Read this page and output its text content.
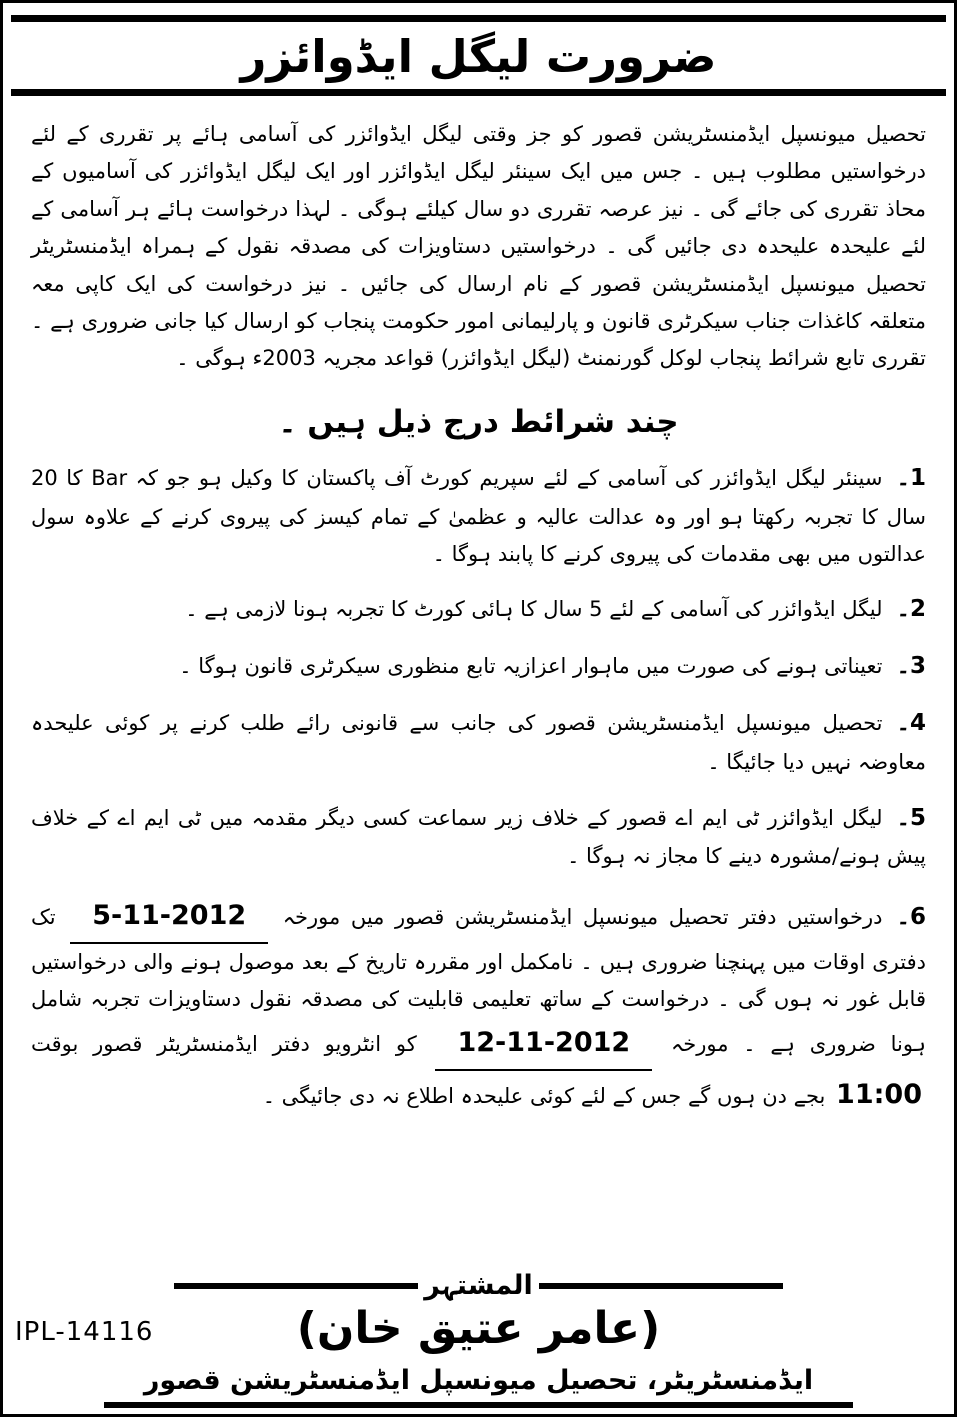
ضرورت لیگل ایڈوائزر

تحصیل میونسپل ایڈمنسٹریشن قصور کو جز وقتی لیگل ایڈوائزر کی آسامی ہائے پر تقرری کے لئے درخواستیں مطلوب ہیں ۔ جس میں ایک سینئر لیگل ایڈوائزر اور ایک لیگل ایڈوائزر کی آسامیوں کے محاذ تقرری کی جائے گی ۔ نیز عرصہ تقرری دو سال کیلئے ہوگی ۔ لہذا درخواست ہائے ہر آسامی کے لئے علیحدہ علیحدہ دی جائیں گی ۔ درخواستیں دستاویزات کی مصدقہ نقول کے ہمراہ ایڈمنسٹریٹر تحصیل میونسپل ایڈمنسٹریشن قصور کے نام ارسال کی جائیں ۔ نیز درخواست کی ایک کاپی معہ متعلقہ کاغذات جناب سیکرٹری قانون و پارلیمانی امور حکومت پنجاب کو ارسال کیا جانی ضروری ہے ۔ تقرری تابع شرائط پنجاب لوکل گورنمنٹ (لیگل ایڈوائزر) قواعد مجریہ 2003ء ہوگی ۔

چند شرائط درج ذیل ہیں ۔

1۔سینئر لیگل ایڈوائزر کی آسامی کے لئے سپریم کورٹ آف پاکستان کا وکیل ہو جو کہ Bar کا 20 سال کا تجربہ رکھتا ہو اور وہ عدالت عالیہ و عظمیٰ کے تمام کیسز کی پیروی کرنے کے علاوہ سول عدالتوں میں بھی مقدمات کی پیروی کرنے کا پابند ہوگا ۔

2۔لیگل ایڈوائزر کی آسامی کے لئے 5 سال کا ہائی کورٹ کا تجربہ ہونا لازمی ہے ۔

3۔تعیناتی ہونے کی صورت میں ماہوار اعزازیہ تابع منظوری سیکرٹری قانون ہوگا ۔

4۔تحصیل میونسپل ایڈمنسٹریشن قصور کی جانب سے قانونی رائے طلب کرنے پر کوئی علیحدہ معاوضہ نہیں دیا جائیگا ۔

5۔لیگل ایڈوائزر ٹی ایم اے قصور کے خلاف زیر سماعت کسی دیگر مقدمہ میں ٹی ایم اے کے خلاف پیش ہونے/مشورہ دینے کا مجاز نہ ہوگا ۔

6۔درخواستیں دفتر تحصیل میونسپل ایڈمنسٹریشن قصور میں مورخہ 5-11-2012 تک دفتری اوقات میں پہنچنا ضروری ہیں ۔ نامکمل اور مقررہ تاریخ کے بعد موصول ہونے والی درخواستیں قابل غور نہ ہوں گی ۔ درخواست کے ساتھ تعلیمی قابلیت کی مصدقہ نقول دستاویزات تجربہ شامل ہونا ضروری ہے ۔ مورخہ 12-11-2012 کو انٹرویو دفتر ایڈمنسٹریٹر قصور بوقت 11:00 بجے دن ہوں گے جس کے لئے کوئی علیحدہ اطلاع نہ دی جائیگی ۔

المشتہر
IPL-14116	(عامر عتیق خان)
ایڈمنسٹریٹر، تحصیل میونسپل ایڈمنسٹریشن قصور
